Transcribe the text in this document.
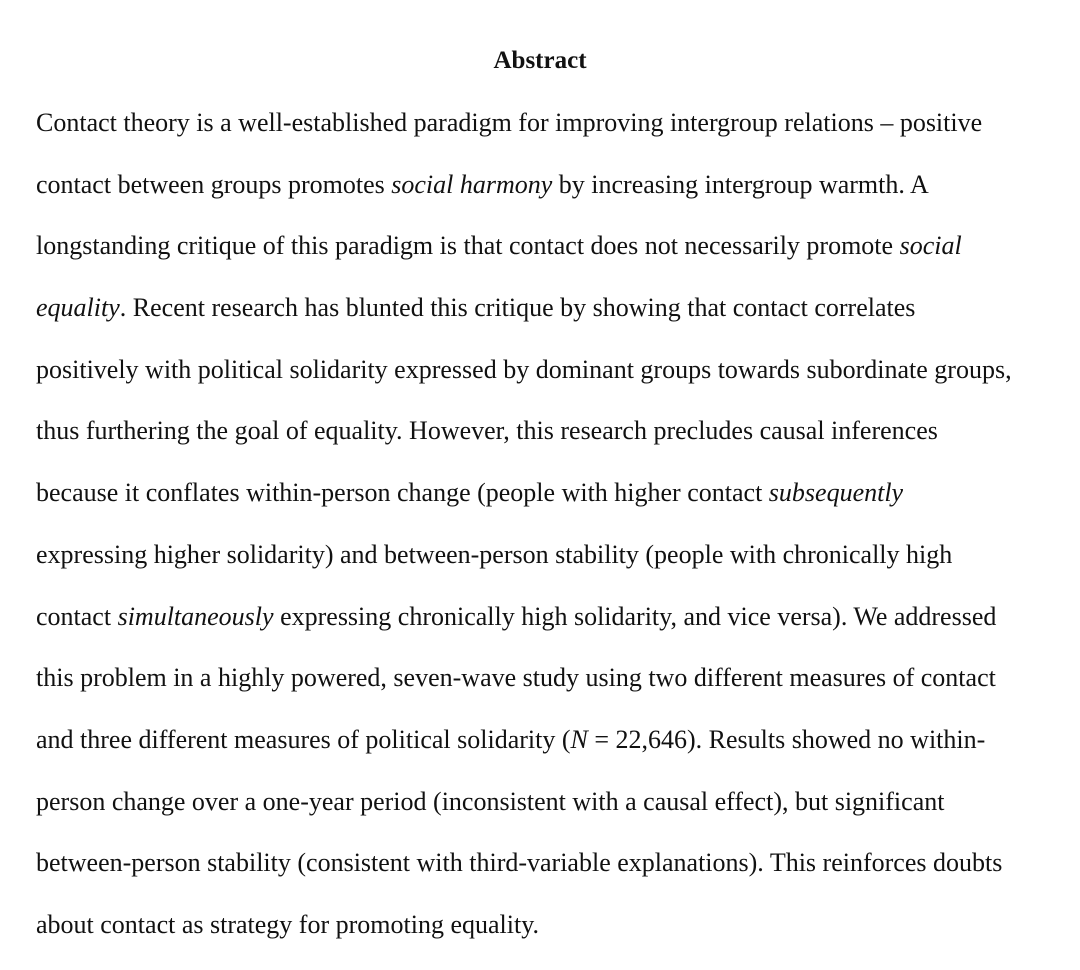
Abstract
Contact theory is a well-established paradigm for improving intergroup relations – positive
contact between groups promotes social harmony by increasing intergroup warmth. A
longstanding critique of this paradigm is that contact does not necessarily promote social
equality. Recent research has blunted this critique by showing that contact correlates
positively with political solidarity expressed by dominant groups towards subordinate groups,
thus furthering the goal of equality. However, this research precludes causal inferences
because it conflates within-person change (people with higher contact subsequently
expressing higher solidarity) and between-person stability (people with chronically high
contact simultaneously expressing chronically high solidarity, and vice versa). We addressed
this problem in a highly powered, seven-wave study using two different measures of contact
and three different measures of political solidarity (N = 22,646). Results showed no within-
person change over a one-year period (inconsistent with a causal effect), but significant
between-person stability (consistent with third-variable explanations). This reinforces doubts
about contact as strategy for promoting equality.
